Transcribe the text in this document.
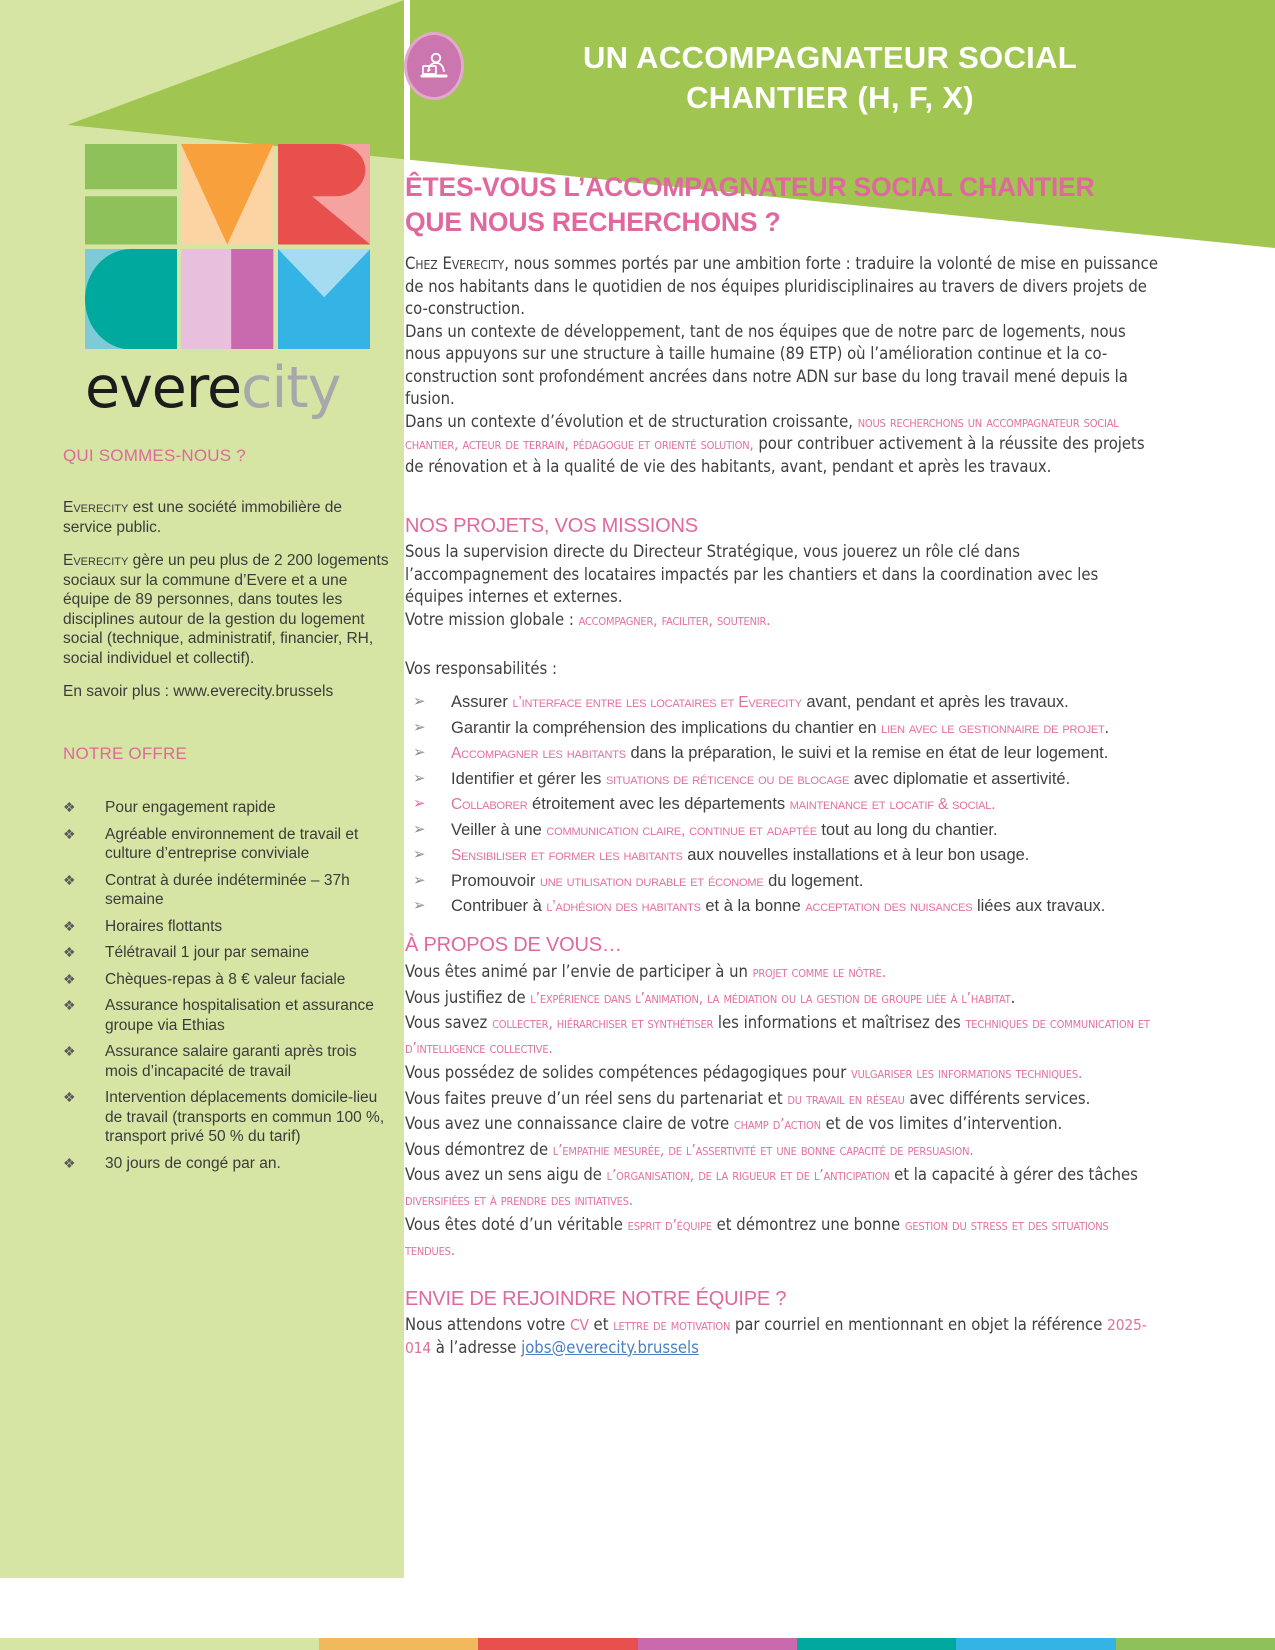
UN ACCOMPAGNATEUR SOCIAL
CHANTIER (H, F, X)
everecity
QUI SOMMES-NOUS ?

Everecity est une société immobilière de service public.

Everecity gère un peu plus de 2 200 logements sociaux sur la commune d’Evere et a une équipe de 89 personnes, dans toutes les disciplines autour de la gestion du logement social (technique, administratif, financier, RH, social individuel et collectif).

En savoir plus : www.everecity.brussels

NOTRE OFFRE
❖ Pour engagement rapide
❖ Agréable environnement de travail et culture d’entreprise conviviale
❖ Contrat à durée indéterminée – 37h semaine
❖ Horaires flottants
❖ Télétravail 1 jour par semaine
❖ Chèques-repas à 8 € valeur faciale
❖ Assurance hospitalisation et assurance groupe via Ethias
❖ Assurance salaire garanti après trois mois d’incapacité de travail
❖ Intervention déplacements domicile-lieu de travail (transports en commun 100 %, transport privé 50 % du tarif)
❖ 30 jours de congé par an.
ÊTES-VOUS L’ACCOMPAGNATEUR SOCIAL CHANTIER
QUE NOUS RECHERCHONS ?

Chez Everecity, nous sommes portés par une ambition forte : traduire la volonté de mise en puissance de nos habitants dans le quotidien de nos équipes pluridisciplinaires au travers de divers projets de co-construction.

Dans un contexte de développement, tant de nos équipes que de notre parc de logements, nous nous appuyons sur une structure à taille humaine (89 ETP) où l’amélioration continue et la co-construction sont profondément ancrées dans notre ADN sur base du long travail mené depuis la fusion.

Dans un contexte d’évolution et de structuration croissante, nous recherchons un accompagnateur social chantier, acteur de terrain, pédagogue et orienté solution, pour contribuer activement à la réussite des projets de rénovation et à la qualité de vie des habitants, avant, pendant et après les travaux.

NOS PROJETS, VOS MISSIONS

Sous la supervision directe du Directeur Stratégique, vous jouerez un rôle clé dans l’accompagnement des locataires impactés par les chantiers et dans la coordination avec les équipes internes et externes.

Votre mission globale : accompagner, faciliter, soutenir.

Vos responsabilités :

➢ Assurer l’interface entre les locataires et Everecity avant, pendant et après les travaux.
➢ Garantir la compréhension des implications du chantier en lien avec le gestionnaire de projet.
➢ Accompagner les habitants dans la préparation, le suivi et la remise en état de leur logement.
➢ Identifier et gérer les situations de réticence ou de blocage avec diplomatie et assertivité.
➢ Collaborer étroitement avec les départements maintenance et locatif & social.
➢ Veiller à une communication claire, continue et adaptée tout au long du chantier.
➢ Sensibiliser et former les habitants aux nouvelles installations et à leur bon usage.
➢ Promouvoir une utilisation durable et économe du logement.
➢ Contribuer à l’adhésion des habitants et à la bonne acceptation des nuisances liées aux travaux.
À PROPOS DE VOUS…

Vous êtes animé par l’envie de participer à un projet comme le nôtre.

Vous justifiez de l’expérience dans l’animation, la médiation ou la gestion de groupe liée à l’habitat.

Vous savez collecter, hiérarchiser et synthétiser les informations et maîtrisez des techniques de communication et d’intelligence collective.

Vous possédez de solides compétences pédagogiques pour vulgariser les informations techniques.

Vous faites preuve d’un réel sens du partenariat et du travail en réseau avec différents services.

Vous avez une connaissance claire de votre champ d’action et de vos limites d’intervention.

Vous démontrez de l’empathie mesurée, de l’assertivité et une bonne capacité de persuasion.

Vous avez un sens aigu de l’organisation, de la rigueur et de l’anticipation et la capacité à gérer des tâches diversifiées et à prendre des initiatives.

Vous êtes doté d’un véritable esprit d’équipe et démontrez une bonne gestion du stress et des situations tendues.

ENVIE DE REJOINDRE NOTRE ÉQUIPE ?

Nous attendons votre CV et lettre de motivation par courriel en mentionnant en objet la référence 2025-014 à l’adresse jobs@everecity.brussels
